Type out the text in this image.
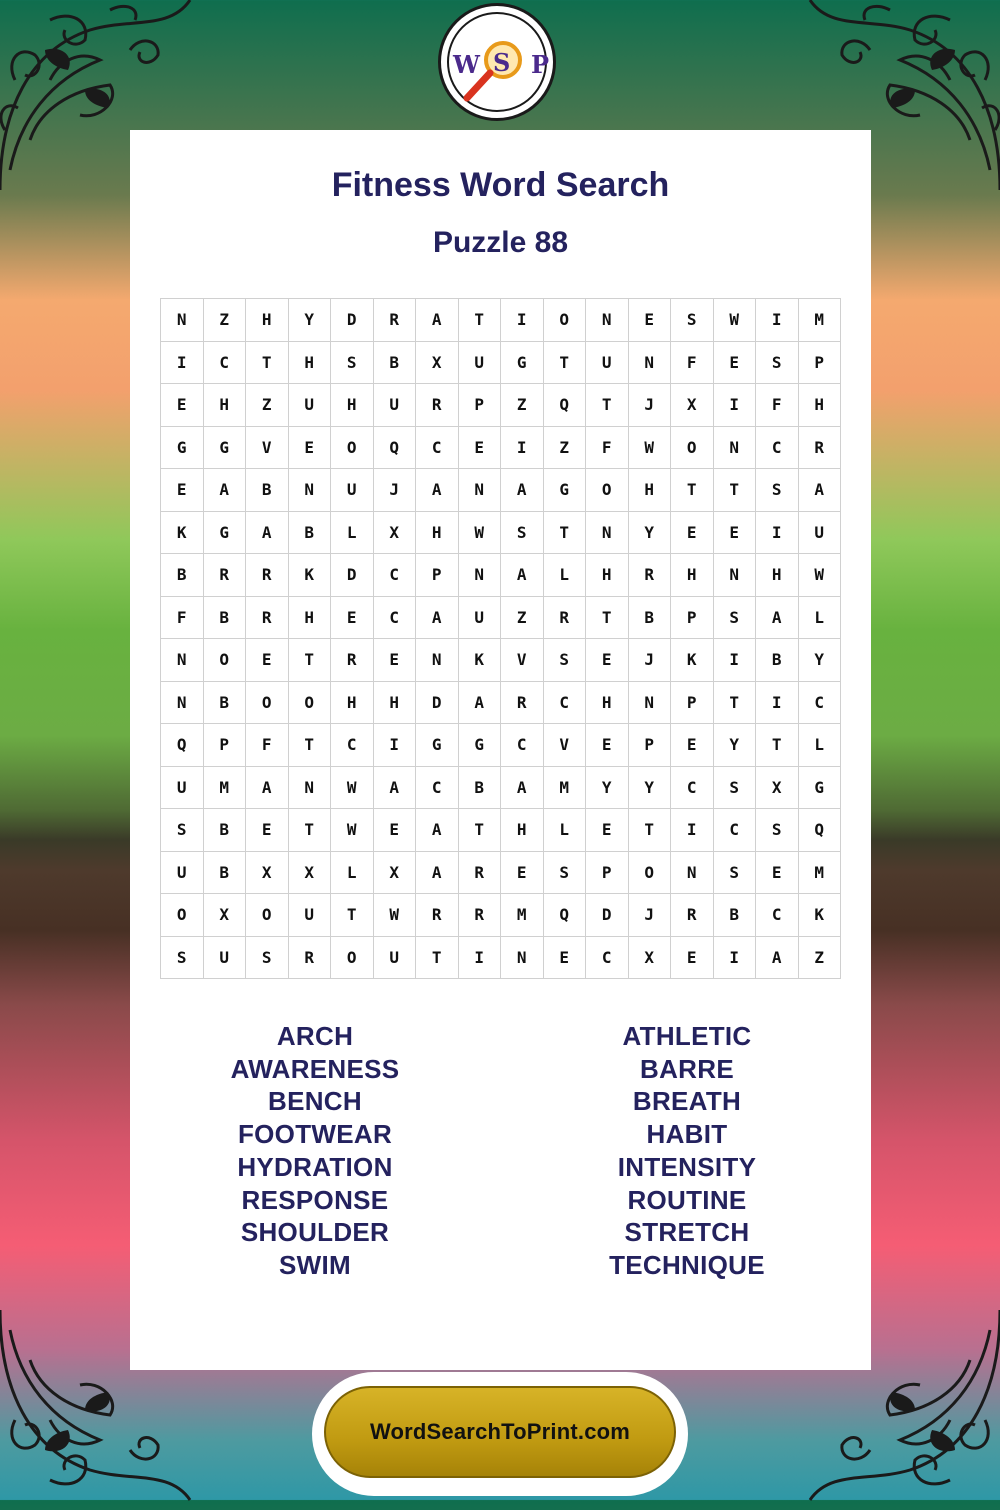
W S P
Fitness Word Search
Puzzle 88
N	Z	H	Y	D	R	A	T	I	O	N	E	S	W	I	M
I	C	T	H	S	B	X	U	G	T	U	N	F	E	S	P
E	H	Z	U	H	U	R	P	Z	Q	T	J	X	I	F	H
G	G	V	E	O	Q	C	E	I	Z	F	W	O	N	C	R
E	A	B	N	U	J	A	N	A	G	O	H	T	T	S	A
K	G	A	B	L	X	H	W	S	T	N	Y	E	E	I	U
B	R	R	K	D	C	P	N	A	L	H	R	H	N	H	W
F	B	R	H	E	C	A	U	Z	R	T	B	P	S	A	L
N	O	E	T	R	E	N	K	V	S	E	J	K	I	B	Y
N	B	O	O	H	H	D	A	R	C	H	N	P	T	I	C
Q	P	F	T	C	I	G	G	C	V	E	P	E	Y	T	L
U	M	A	N	W	A	C	B	A	M	Y	Y	C	S	X	G
S	B	E	T	W	E	A	T	H	L	E	T	I	C	S	Q
U	B	X	X	L	X	A	R	E	S	P	O	N	S	E	M
O	X	O	U	T	W	R	R	M	Q	D	J	R	B	C	K
S	U	S	R	O	U	T	I	N	E	C	X	E	I	A	Z
ARCH
AWARENESS
BENCH
FOOTWEAR
HYDRATION
RESPONSE
SHOULDER
SWIM
ATHLETIC
BARRE
BREATH
HABIT
INTENSITY
ROUTINE
STRETCH
TECHNIQUE
WordSearchToPrint.com
